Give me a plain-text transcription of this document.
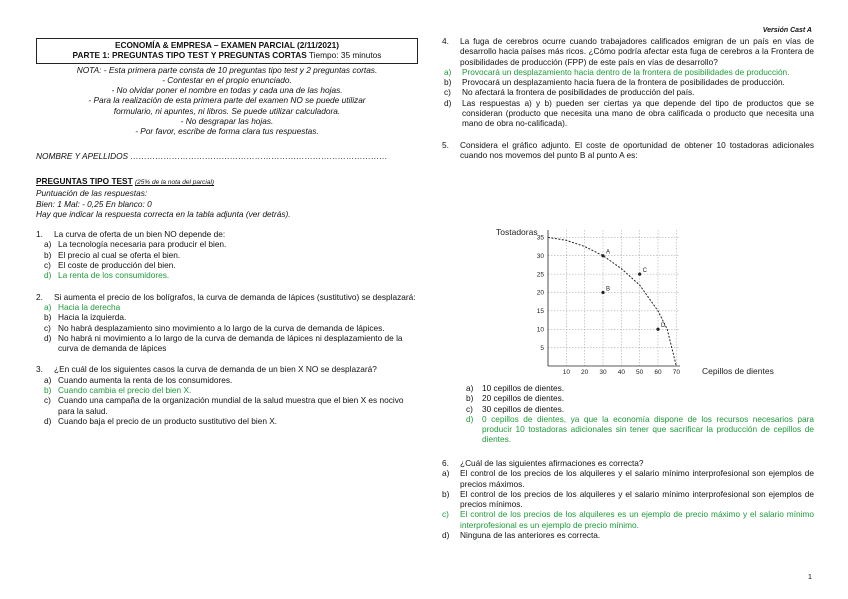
Versión Cast A
ECONOMÍA & EMPRESA – EXAMEN PARCIAL (2/11/2021)
PARTE 1: PREGUNTAS TIPO TEST Y PREGUNTAS CORTAS Tiempo: 35 minutos
NOTA: - Esta primera parte consta de 10 preguntas tipo test y 2 preguntas cortas.
- Contestar en el propio enunciado.
- No olvidar poner el nombre en todas y cada una de las hojas.
- Para la realización de esta primera parte del examen NO se puede utilizar
formulario, ni apuntes, ni libros. Se puede utilizar calculadora.
- No desgrapar las hojas.
- Por favor, escribe de forma clara tus respuestas.
NOMBRE Y APELLIDOS …………………………………………………………………………………
PREGUNTAS TIPO TEST (25% de la nota del parcial)
Puntuación de las respuestas:
Bien: 1 Mal: - 0,25 En blanco: 0
Hay que indicar la respuesta correcta en la tabla adjunta (ver detrás).
1.	La curva de oferta de un bien NO depende de:
a) La tecnología necesaria para producir el bien.
b) El precio al cual se oferta el bien.
c) El coste de producción del bien.
d) La renta de los consumidores.
2.	Si aumenta el precio de los bolígrafos, la curva de demanda de lápices (sustitutivo) se desplazará:
a) Hacia la derecha
b) Hacia la izquierda.
c) No habrá desplazamiento sino movimiento a lo largo de la curva de demanda de lápices.
d) No habrá ni movimiento a lo largo de la curva de demanda de lápices ni desplazamiento de la curva de demanda de lápices
3.	¿En cuál de los siguientes casos la curva de demanda de un bien X NO se desplazará?
a) Cuando aumenta la renta de los consumidores.
b) Cuando cambia el precio del bien X.
c) Cuando una campaña de la organización mundial de la salud muestra que el bien X es nocivo para la salud.
d) Cuando baja el precio de un producto sustitutivo del bien X.
4.	La fuga de cerebros ocurre cuando trabajadores calificados emigran de un país en vías de desarrollo hacia países más ricos. ¿Cómo podría afectar esta fuga de cerebros a la Frontera de posibilidades de producción (FPP) de este país en vías de desarrollo?
a)	Provocará un desplazamiento hacia dentro de la frontera de posibilidades de producción.
b)	Provocará un desplazamiento hacia fuera de la frontera de posibilidades de producción.
c)	No afectará la frontera de posibilidades de producción del país.
d)	Las respuestas a) y b) pueden ser ciertas ya que depende del tipo de productos que se consideran (producto que necesita una mano de obra calificada o producto que necesita una mano de obra no-calificada).
5.	Considera el gráfico adjunto. El coste de oportunidad de obtener 10 tostadoras adicionales cuando nos movemos del punto B al punto A es:
10 20 30 40 50 60 70
35
30
25
20
15
10
5
A
B
C
D
Tostadoras
Cepillos de dientes
a)	10 cepillos de dientes.
b)	20 cepillos de dientes.
c)	30 cepillos de dientes.
d)	0 cepillos de dientes, ya que la economía dispone de los recursos necesarios para producir 10 tostadoras adicionales sin tener que sacrificar la producción de cepillos de dientes.
6.	¿Cuál de las siguientes afirmaciones es correcta?
a)	El control de los precios de los alquileres y el salario mínimo interprofesional son ejemplos de precios máximos.
b)	El control de los precios de los alquileres y el salario mínimo interprofesional son ejemplos de precios mínimos.
c)	El control de los precios de los alquileres es un ejemplo de precio máximo y el salario mínimo interprofesional es un ejemplo de precio mínimo.
d)	Ninguna de las anteriores es correcta.
1
